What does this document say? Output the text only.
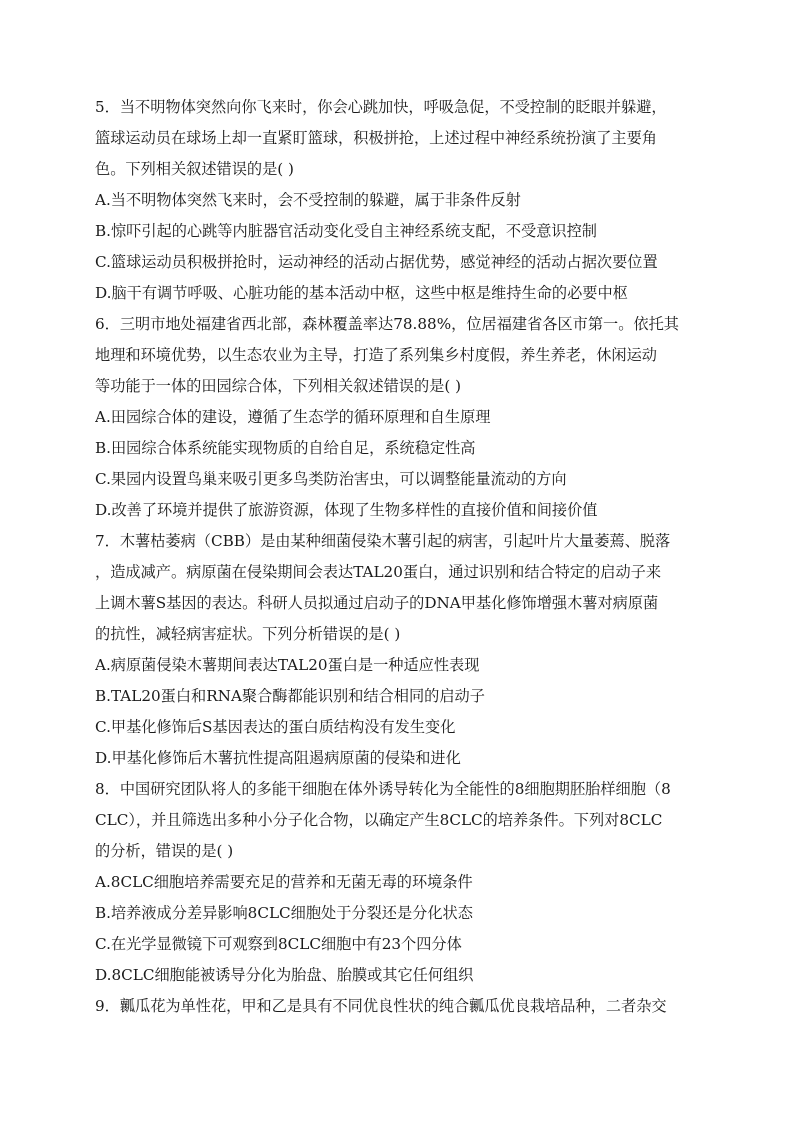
5．当不明物体突然向你飞来时，你会心跳加快，呼吸急促，不受控制的眨眼并躲避，
篮球运动员在球场上却一直紧盯篮球，积极拼抢，上述过程中神经系统扮演了主要角
色。下列相关叙述错误的是( )
A.当不明物体突然飞来时，会不受控制的躲避，属于非条件反射
B.惊吓引起的心跳等内脏器官活动变化受自主神经系统支配，不受意识控制
C.篮球运动员积极拼抢时，运动神经的活动占据优势，感觉神经的活动占据次要位置
D.脑干有调节呼吸、心脏功能的基本活动中枢，这些中枢是维持生命的必要中枢
6．三明市地处福建省西北部，森林覆盖率达78.88%，位居福建省各区市第一。依托其
地理和环境优势，以生态农业为主导，打造了系列集乡村度假，养生养老，休闲运动
等功能于一体的田园综合体，下列相关叙述错误的是( )
A.田园综合体的建设，遵循了生态学的循环原理和自生原理
B.田园综合体系统能实现物质的自给自足，系统稳定性高
C.果园内设置鸟巢来吸引更多鸟类防治害虫，可以调整能量流动的方向
D.改善了环境并提供了旅游资源，体现了生物多样性的直接价值和间接价值
7．木薯枯萎病（CBB）是由某种细菌侵染木薯引起的病害，引起叶片大量萎蔫、脱落
，造成减产。病原菌在侵染期间会表达TAL20蛋白，通过识别和结合特定的启动子来
上调木薯S基因的表达。科研人员拟通过启动子的DNA甲基化修饰增强木薯对病原菌
的抗性，减轻病害症状。下列分析错误的是( )
A.病原菌侵染木薯期间表达TAL20蛋白是一种适应性表现
B.TAL20蛋白和RNA聚合酶都能识别和结合相同的启动子
C.甲基化修饰后S基因表达的蛋白质结构没有发生变化
D.甲基化修饰后木薯抗性提高阻遏病原菌的侵染和进化
8．中国研究团队将人的多能干细胞在体外诱导转化为全能性的8细胞期胚胎样细胞（8
CLC），并且筛选出多种小分子化合物，以确定产生8CLC的培养条件。下列对8CLC
的分析，错误的是( )
A.8CLC细胞培养需要充足的营养和无菌无毒的环境条件
B.培养液成分差异影响8CLC细胞处于分裂还是分化状态
C.在光学显微镜下可观察到8CLC细胞中有23个四分体
D.8CLC细胞能被诱导分化为胎盘、胎膜或其它任何组织
9．瓤瓜花为单性花，甲和乙是具有不同优良性状的纯合瓤瓜优良栽培品种，二者杂交
